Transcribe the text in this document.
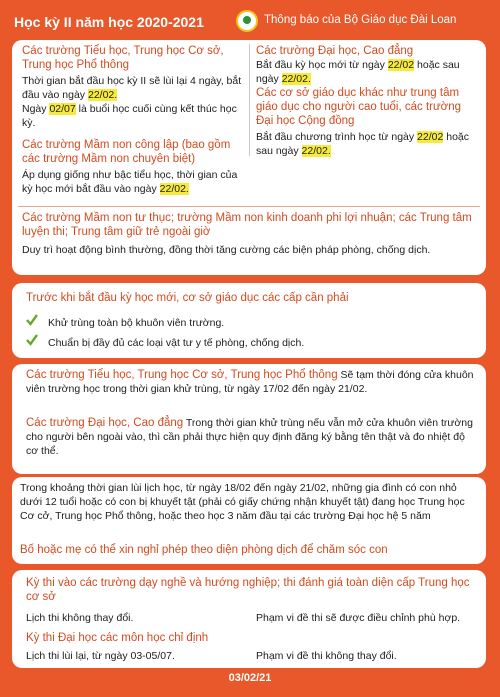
Học kỳ II năm học 2020-2021	Thông báo của Bộ Giáo dục Đài Loan
Các trường Tiểu học, Trung học Cơ sở, Trung học Phổ thông
Thời gian bắt đầu học kỳ II sẽ lùi lại 4 ngày, bắt đầu vào ngày 22/02.
Ngày 02/07 là buổi học cuối cùng kết thúc học kỳ.
Các trường Mầm non công lập (bao gồm các trường Mầm non chuyên biệt)
Áp dụng giống như bậc tiểu học, thời gian của kỳ học mới bắt đầu vào ngày 22/02.
Các trường Đại học, Cao đẳng
Bắt đầu kỳ học mới từ ngày 22/02 hoặc sau ngày 22/02.
Các cơ sở giáo dục khác như trung tâm giáo dục cho người cao tuổi, các trường Đại học Cộng đồng
Bắt đầu chương trình học từ ngày 22/02 hoặc sau ngày 22/02.
Các trường Mầm non tư thục; trường Mầm non kinh doanh phi lợi nhuận; các Trung tâm luyện thi; Trung tâm giữ trẻ ngoài giờ
Duy trì hoạt động bình thường, đồng thời tăng cường các biện pháp phòng, chống dịch.
Trước khi bắt đầu kỳ học mới, cơ sở giáo dục các cấp cần phải
Khử trùng toàn bộ khuôn viên trường.
Chuẩn bị đầy đủ các loại vật tư y tế phòng, chống dịch.
Các trường Tiểu học, Trung học Cơ sở, Trung học Phổ thông Sẽ tạm thời đóng cửa khuôn viên trường học trong thời gian khử trùng, từ ngày 17/02 đến ngày 21/02.
Các trường Đại học, Cao đẳng Trong thời gian khử trùng nếu vẫn mở cửa khuôn viên trường cho người bên ngoài vào, thì cần phải thực hiện quy định đăng ký bằng tên thật và đo nhiệt độ cơ thể.
Trong khoảng thời gian lùi lịch học, từ ngày 18/02 đến ngày 21/02, những gia đình có con nhỏ dưới 12 tuổi hoặc có con bị khuyết tật (phải có giấy chứng nhận khuyết tật) đang học Trung học Cơ cở, Trung học Phổ thông, hoặc theo học 3 năm đầu tại các trường Đại học hệ 5 năm
Bố hoặc mẹ có thể xin nghỉ phép theo diện phòng dịch để chăm sóc con
Kỳ thi vào các trường dạy nghề và hướng nghiệp; thi đánh giá toàn diện cấp Trung học cơ sở
Lịch thi không thay đổi.	Phạm vi đề thi sẽ được điều chỉnh phù hợp.
Kỳ thi Đại học các môn học chỉ định
Lịch thi lùi lại, từ ngày 03-05/07.	Phạm vi đề thi không thay đổi.
03/02/21
